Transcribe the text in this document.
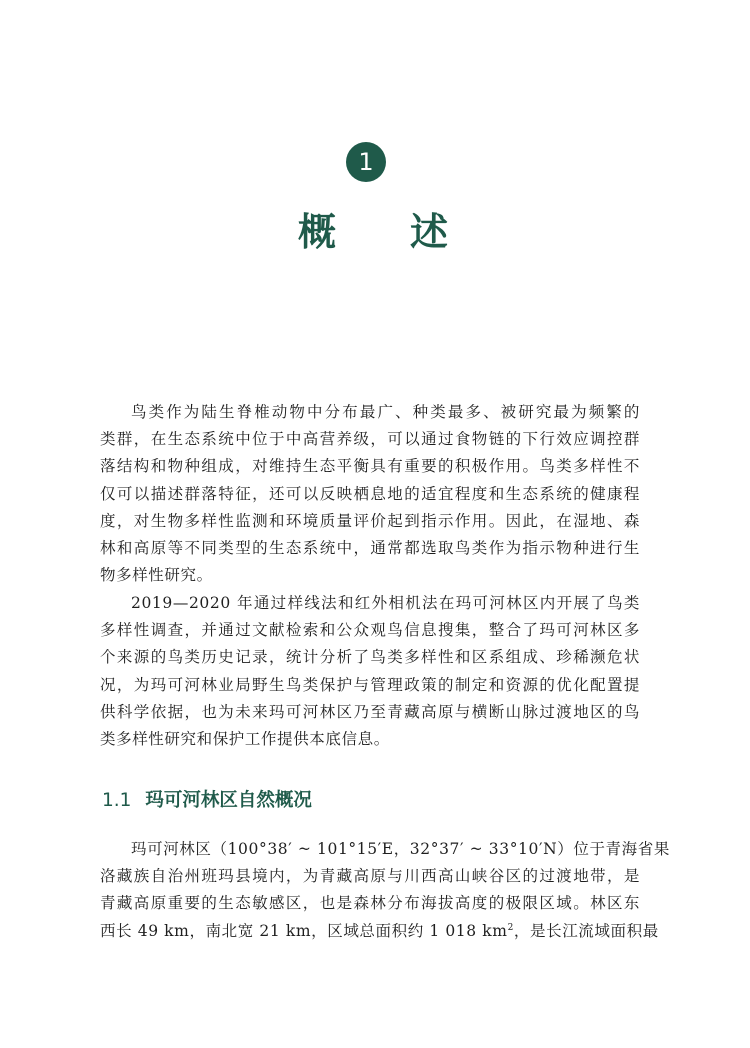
1
概 述
鸟类作为陆生脊椎动物中分布最广、种类最多、被研究最为频繁的
类群，在生态系统中位于中高营养级，可以通过食物链的下行效应调控群
落结构和物种组成，对维持生态平衡具有重要的积极作用。鸟类多样性不
仅可以描述群落特征，还可以反映栖息地的适宜程度和生态系统的健康程
度，对生物多样性监测和环境质量评价起到指示作用。因此，在湿地、森
林和高原等不同类型的生态系统中，通常都选取鸟类作为指示物种进行生
物多样性研究。
2019—2020 年通过样线法和红外相机法在玛可河林区内开展了鸟类
多样性调查，并通过文献检索和公众观鸟信息搜集，整合了玛可河林区多
个来源的鸟类历史记录，统计分析了鸟类多样性和区系组成、珍稀濒危状
况，为玛可河林业局野生鸟类保护与管理政策的制定和资源的优化配置提
供科学依据，也为未来玛可河林区乃至青藏高原与横断山脉过渡地区的鸟
类多样性研究和保护工作提供本底信息。
1.1 玛可河林区自然概况
玛可河林区（100°38′ ~ 101°15′E，32°37′ ~ 33°10′N）位于青海省果
洛藏族自治州班玛县境内，为青藏高原与川西高山峡谷区的过渡地带，是
青藏高原重要的生态敏感区，也是森林分布海拔高度的极限区域。林区东
西长 49 km，南北宽 21 km，区域总面积约 1 018 $km^2$，是长江流域面积最
